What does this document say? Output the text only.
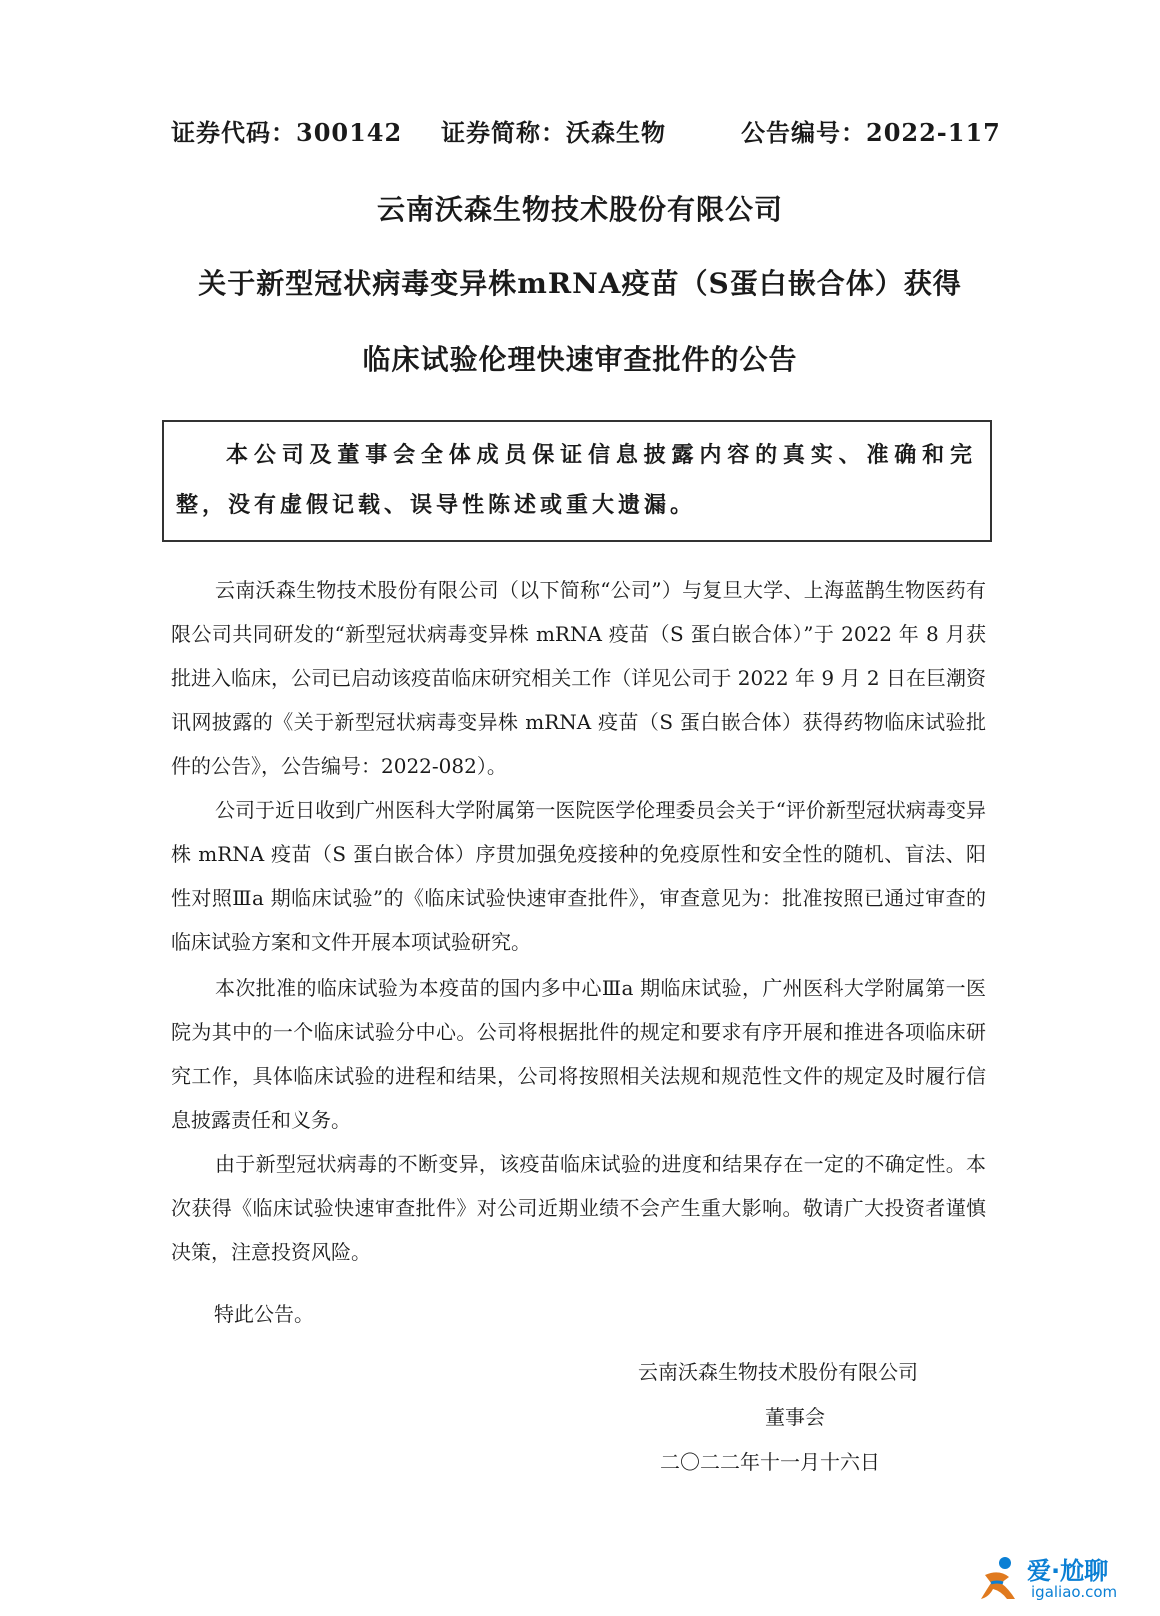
证券代码：300142 证券简称：沃森生物	公告编号：2022-117
云南沃森生物技术股份有限公司
关于新型冠状病毒变异株mRNA疫苗（S蛋白嵌合体）获得
临床试验伦理快速审查批件的公告
本公司及董事会全体成员保证信息披露内容的真实、准确和完整，没有虚假记载、误导性陈述或重大遗漏。
云南沃森生物技术股份有限公司（以下简称“公司”）与复旦大学、上海蓝鹊生物医药有限公司共同研发的“新型冠状病毒变异株 mRNA 疫苗（S 蛋白嵌合体）”于 2022 年 8 月获批进入临床，公司已启动该疫苗临床研究相关工作（详见公司于 2022 年 9 月 2 日在巨潮资讯网披露的《关于新型冠状病毒变异株 mRNA 疫苗（S 蛋白嵌合体）获得药物临床试验批件的公告》，公告编号：2022-082）。
公司于近日收到广州医科大学附属第一医院医学伦理委员会关于“评价新型冠状病毒变异株 mRNA 疫苗（S 蛋白嵌合体）序贯加强免疫接种的免疫原性和安全性的随机、盲法、阳性对照Ⅲa 期临床试验”的《临床试验快速审查批件》，审查意见为：批准按照已通过审查的临床试验方案和文件开展本项试验研究。
本次批准的临床试验为本疫苗的国内多中心Ⅲa 期临床试验，广州医科大学附属第一医院为其中的一个临床试验分中心。公司将根据批件的规定和要求有序开展和推进各项临床研究工作，具体临床试验的进程和结果，公司将按照相关法规和规范性文件的规定及时履行信息披露责任和义务。
由于新型冠状病毒的不断变异，该疫苗临床试验的进度和结果存在一定的不确定性。本次获得《临床试验快速审查批件》对公司近期业绩不会产生重大影响。敬请广大投资者谨慎决策，注意投资风险。
特此公告。
云南沃森生物技术股份有限公司
董事会
二〇二二年十一月十六日
爱·尬聊
igaliao.com
